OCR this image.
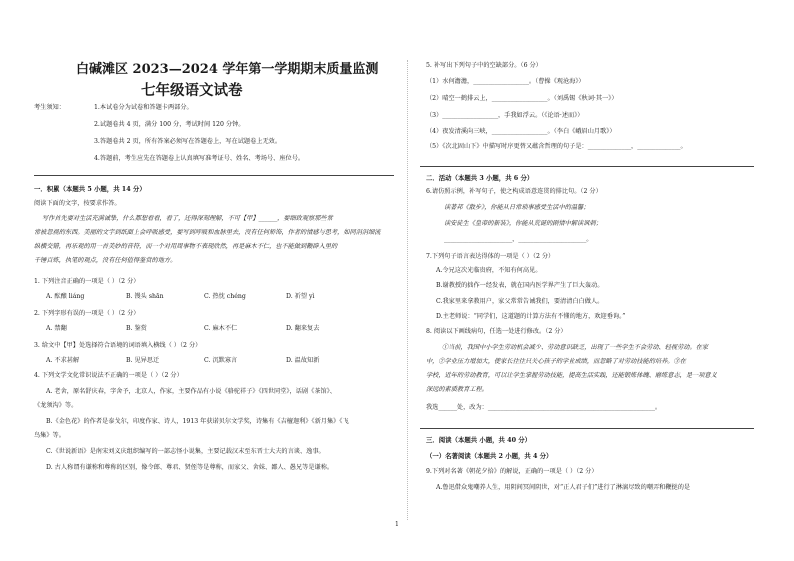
白碱滩区 2023—2024 学年第一学期期末质量监测
七年级语文试卷
考生须知：	1.本试卷分为试卷和答题卡两部分。
2.试题卷共 4 页，满分 100 分，考试时间 120 分钟。
3.答题卷共 2 页，所有答案必须写在答题卷上，写在试题卷上无效。
4.答题前，考生应先在答题卷上认真填写准考证号、姓名、考场号、座位号。
一．积累（本题共 5 小题，共 14 分）
阅读下面的文字，按要求作答。
写作首先要对生活充满诚挚，什么都想看看，看了，还得深刻理解，不可【甲】______，要细致观察那些常
常被忽视的东西。美丽的文字到纸面上会呼吸感受，要写到呼吸和血脉里去，没有任何矫饰，作者的情感与思考，如同涓涓细流
纵横交错，再乐观的用一首美妙的音符，而一个对用周事物不表现欣然，再是麻木不仁，也不能做到鞭辟入里的
千锤百炼，执笔的观点，没有任何值得鉴赏的地方。
1. 下列注音正确的一项是（ ）（2 分）
A. 酝酿 liáng	B. 馒头 shān	C. 热忱 chéng	D. 祈望 yì
2. 下列字形有误的一项是（ ）（2 分）
A. 禁翻	B. 鉴赏	C. 麻木不仁	D. 翻来复去
3. 给文中【甲】处选择符合语境的词语填入横线（ ）（2 分）
A. 不求甚解	B. 见异思迁	C. 沉默寡言	D. 温故知新
4. 下列文学文化常识说法不正确的一项是（ ）（2 分）
A. 老舍，原名舒庆春，字舍予，北京人，作家，主要作品有小说《骆驼祥子》《四世同堂》，话剧《茶馆》、
《龙须沟》等。
B.《金色花》的作者是泰戈尔，印度作家、诗人，1913 年获诺贝尔文学奖，诗集有《吉檀迦利》《新月集》《飞
鸟集》等。
C.《世说新语》是南宋刘义庆组织编写的一部志怪小说集，主要记载汉末至东晋士大夫的言谈、逸事。
D. 古人称谓有谦称和尊称的区别，像令郎、尊君、贤侄等是尊称，而家父、舍妹、鄙人、愚兄等是谦称。
5. 补写出下列句子中的空缺部分。（6 分）
（1）水何澹澹，__________________。（曹操《观沧海》）
（2）晴空一鹤排云上，__________________。（刘禹锡《秋词·其一》）
（3）__________________，手我如浮云。（《论语·述而》）
（4）夜发清溪向三峡，__________________。（李白《峨眉山月歌》）
（5）《次北固山下》中描写时序更替又蕴含哲理的句子是：______________，______________。
二．活动（本题共 3 小题，共 6 分）
6.请仿照示例，补写句子，使之构成语意连贯的排比句。（2 分）
读著邦《散步》，你能从日常琐事感受生活中的温馨；
读安徒生《皇帝的新装》，你能从荒诞的剧情中解读讽刺；
______________________，______________________。
7.下列句子语言表达得体的一项是（ ）（2 分）
A.令兄这次光临贵府，不知有何高见。
B.谢教授的拙作一经发表，就在国内医学界产生了巨大轰动。
C.我家里来拿教用户，家父常常告诫我们，要清清白白做人。
D.主老师说：“同学们，这道题的计算方法有不懂的地方，欢迎垂询。”
8. 阅读以下画线病句，任选一处进行修改。（2 分）
①当前，我国中小学生劳动机会减少、劳动意识缺乏，出现了一些学生不会劳动、轻视劳动。在家
中，②学业压力增加大，使家长往往只关心孩子的学业成绩，而忽略了对劳动技能的培养。③在
学校，近年的劳动教育，可以让学生掌握劳动技能，提高生活实践，还能锻炼体魄、磨练意志，是一项意义
深远的素质教育工程。
我选______处，改为：______________________________________________________。
三．阅读（本题共 小题，共 40 分）
（一）名著阅读（本题共 2 小题，共 4 分）
9.下列对名著《朝花夕拾》的解说，正确的一项是（ ）（2 分）
A.鲁迅借众鬼嘲养人生，用阴间冥间阴世，对“正人君子们”进行了淋漓尽致的嘲弄和鞭挞的是
1
